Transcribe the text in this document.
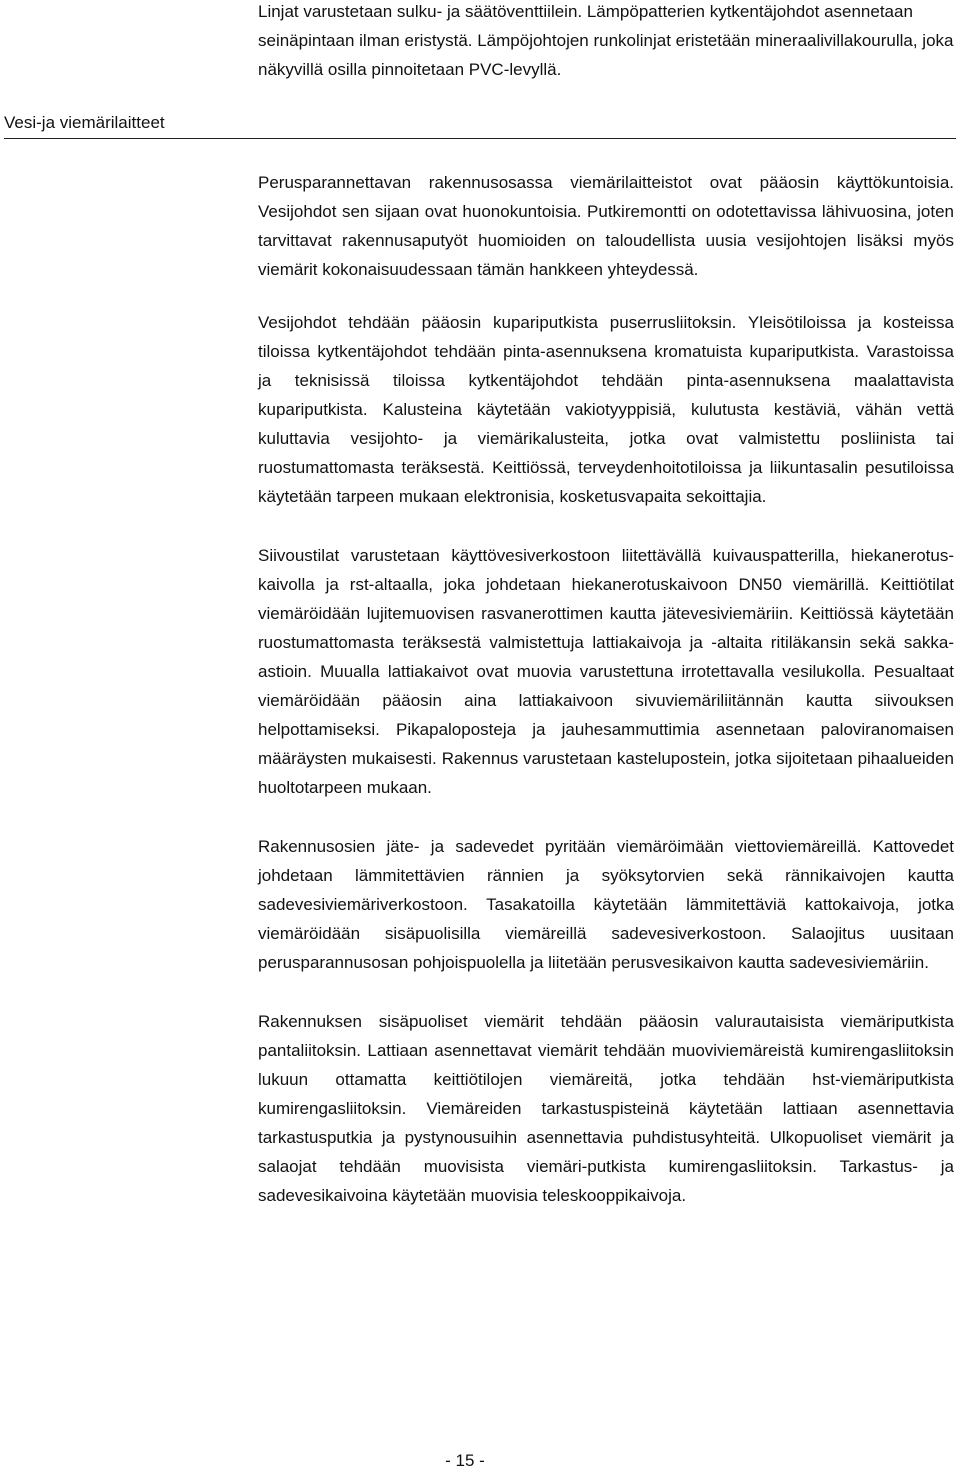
Linjat varustetaan sulku- ja säätöventtiilein. Lämpöpatterien kytkentäjohdot asennetaan seinäpintaan ilman eristystä. Lämpöjohtojen runkolinjat eristetään mineraalivillakourulla, joka näkyvillä osilla pinnoitetaan PVC-levyllä.

Vesi-ja viemärilaitteet

Perusparannettavan rakennusosassa viemärilaitteistot ovat pääosin käyttökuntoisia. Vesijohdot sen sijaan ovat huonokuntoisia. Putkiremontti on odotettavissa lähivuosina, joten tarvittavat rakennusaputyöt huomioiden on taloudellista uusia vesijohtojen lisäksi myös viemärit kokonaisuudessaan tämän hankkeen yhteydessä.

Vesijohdot tehdään pääosin kupariputkista puserrusliitoksin. Yleisötiloissa ja kosteissa tiloissa kytkentäjohdot tehdään pinta-asennuksena kromatuista kupariputkista. Varastoissa ja teknisissä tiloissa kytkentäjohdot tehdään pinta-asennuksena maalattavista kupariputkista. Kalusteina käytetään vakiotyyppisiä, kulutusta kestäviä, vähän vettä kuluttavia vesijohto- ja viemärikalusteita, jotka ovat valmistettu posliinista tai ruostumattomasta teräksestä. Keittiössä, terveydenhoitotiloissa ja liikuntasalin pesutiloissa käytetään tarpeen mukaan elektronisia, kosketusvapaita sekoittajia.

Siivoustilat varustetaan käyttövesiverkostoon liitettävällä kuivauspatterilla, hiekanerotus-kaivolla ja rst-altaalla, joka johdetaan hiekanerotuskaivoon DN50 viemärillä. Keittiötilat viemäröidään lujitemuovisen rasvanerottimen kautta jätevesiviemäriin. Keittiössä käytetään ruostumattomasta teräksestä valmistettuja lattiakaivoja ja -altaita ritiläkansin sekä sakka-astioin. Muualla lattiakaivot ovat muovia varustettuna irrotettavalla vesilukolla. Pesualtaat viemäröidään pääosin aina lattiakaivoon sivuviemäriliitännän kautta siivouksen helpottamiseksi. Pikapaloposteja ja jauhesammuttimia asennetaan paloviranomaisen määräysten mukaisesti. Rakennus varustetaan kastelupostein, jotka sijoitetaan pihaalueiden huoltotarpeen mukaan.

Rakennusosien jäte- ja sadevedet pyritään viemäröimään viettoviemäreillä. Kattovedet johdetaan lämmitettävien rännien ja syöksytorvien sekä rännikaivojen kautta sadevesiviemäriverkostoon. Tasakatoilla käytetään lämmitettäviä kattokaivoja, jotka viemäröidään sisäpuolisilla viemäreillä sadevesiverkostoon. Salaojitus uusitaan perusparannusosan pohjoispuolella ja liitetään perusvesikaivon kautta sadevesiviemäriin.

Rakennuksen sisäpuoliset viemärit tehdään pääosin valurautaisista viemäriputkista pantaliitoksin. Lattiaan asennettavat viemärit tehdään muoviviemäreistä kumirengasliitoksin lukuun ottamatta keittiötilojen viemäreitä, jotka tehdään hst-viemäriputkista kumirengasliitoksin. Viemäreiden tarkastuspisteinä käytetään lattiaan asennettavia tarkastusputkia ja pystynousuihin asennettavia puhdistusyhteitä. Ulkopuoliset viemärit ja salaojat tehdään muovisista viemäri-putkista kumirengasliitoksin. Tarkastus- ja sadevesikaivoina käytetään muovisia teleskooppikaivoja.

- 15 -
